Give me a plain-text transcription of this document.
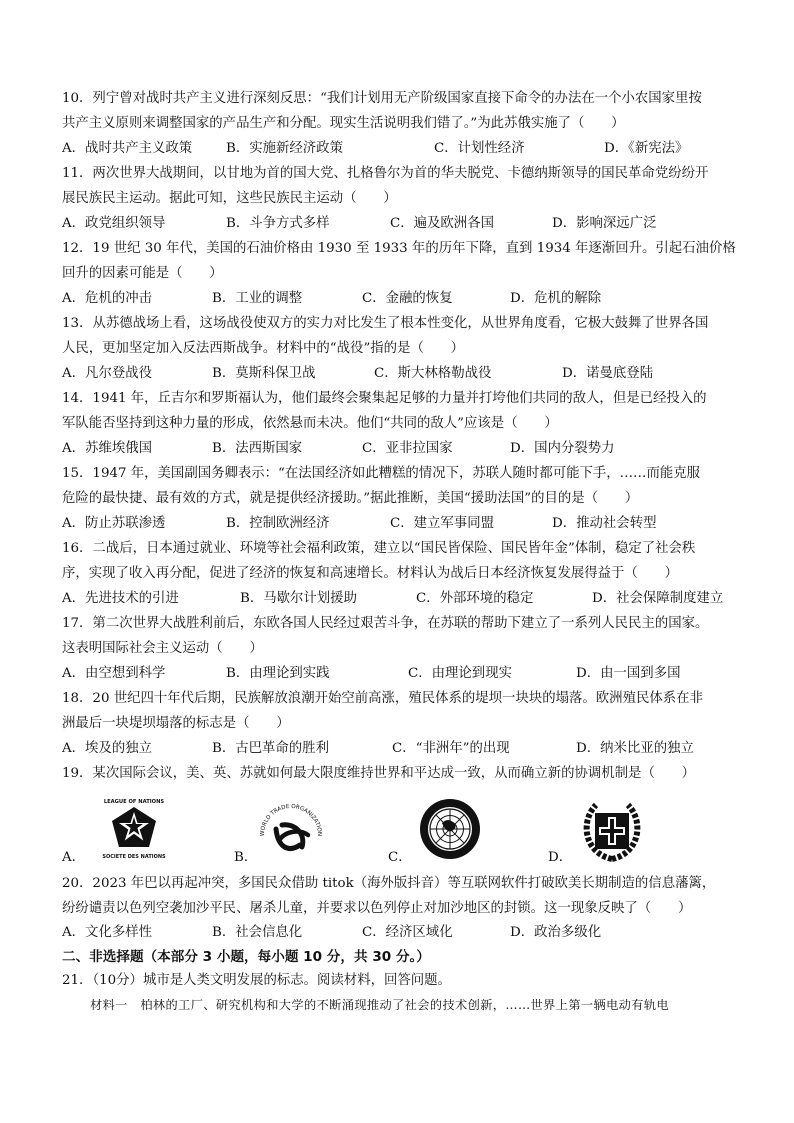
10．列宁曾对战时共产主义进行深刻反思：“我们计划用无产阶级国家直接下命令的办法在一个小农国家里按
共产主义原则来调整国家的产品生产和分配。现实生活说明我们错了。”为此苏俄实施了（　　）
A．战时共产主义政策	B．实施新经济政策	C．计划性经济	D．《新宪法》
11．两次世界大战期间，以甘地为首的国大党、扎格鲁尔为首的华夫脱党、卡德纳斯领导的国民革命党纷纷开
展民族民主运动。据此可知，这些民族民主运动（　　）
A．政党组织领导	B．斗争方式多样	C．遍及欧洲各国	D．影响深远广泛
12．19 世纪 30 年代，美国的石油价格由 1930 至 1933 年的历年下降，直到 1934 年逐渐回升。引起石油价格
回升的因素可能是（　　）
A．危机的冲击	B．工业的调整	C．金融的恢复	D．危机的解除
13．从苏德战场上看，这场战役使双方的实力对比发生了根本性变化，从世界角度看，它极大鼓舞了世界各国
人民，更加坚定加入反法西斯战争。材料中的“战役”指的是（　　）
A．凡尔登战役	B．莫斯科保卫战	C．斯大林格勒战役	D．诺曼底登陆
14．1941 年，丘吉尔和罗斯福认为，他们最终会聚集起足够的力量并打垮他们共同的敌人，但是已经投入的
军队能否坚持到这种力量的形成，依然悬而未决。他们“共同的敌人”应该是（　　）
A．苏维埃俄国	B．法西斯国家	C．亚非拉国家	D．国内分裂势力
15．1947 年，美国副国务卿表示：“在法国经济如此糟糕的情况下，苏联人随时都可能下手，……而能克服
危险的最快捷、最有效的方式，就是提供经济援助。”据此推断，美国“援助法国”的目的是（　　）
A．防止苏联渗透	B．控制欧洲经济	C．建立军事同盟	D．推动社会转型
16．二战后，日本通过就业、环境等社会福利政策，建立以“国民皆保险、国民皆年金”体制，稳定了社会秩
序，实现了收入再分配，促进了经济的恢复和高速增长。材料认为战后日本经济恢复发展得益于（　　）
A．先进技术的引进	B．马歇尔计划援助	C．外部环境的稳定	D．社会保障制度建立
17．第二次世界大战胜利前后，东欧各国人民经过艰苦斗争，在苏联的帮助下建立了一系列人民民主的国家。
这表明国际社会主义运动（　　）
A．由空想到科学	B．由理论到实践	C．由理论到现实	D．由一国到多国
18．20 世纪四十年代后期，民族解放浪潮开始空前高涨，殖民体系的堤坝一块块的塌落。欧洲殖民体系在非
洲最后一块堤坝塌落的标志是（　　）
A．埃及的独立	B．古巴革命的胜利	C．“非洲年”的出现	D．纳米比亚的独立
19．某次国际会议，美、英、苏就如何最大限度维持世界和平达成一致，从而确立新的协调机制是（　　）
A．
LEAGUE OF NATIONS
SOCIETE DES NATIONS	B．
WORLD TRADE ORGANIZATION
C．	D．
20．2023 年巴以再起冲突，多国民众借助 titok（海外版抖音）等互联网软件打破欧美长期制造的信息藩篱，
纷纷谴责以色列空袭加沙平民、屠杀儿童，并要求以色列停止对加沙地区的封锁。这一现象反映了（　　）
A．文化多样性	B．社会信息化	C．经济区域化	D．政治多级化
二、非选择题（本部分 3 小题，每小题 10 分，共 30 分。）
21．（10分）城市是人类文明发展的标志。阅读材料，回答问题。
材料一　柏林的工厂、研究机构和大学的不断涌现推动了社会的技术创新，……世界上第一辆电动有轨电
